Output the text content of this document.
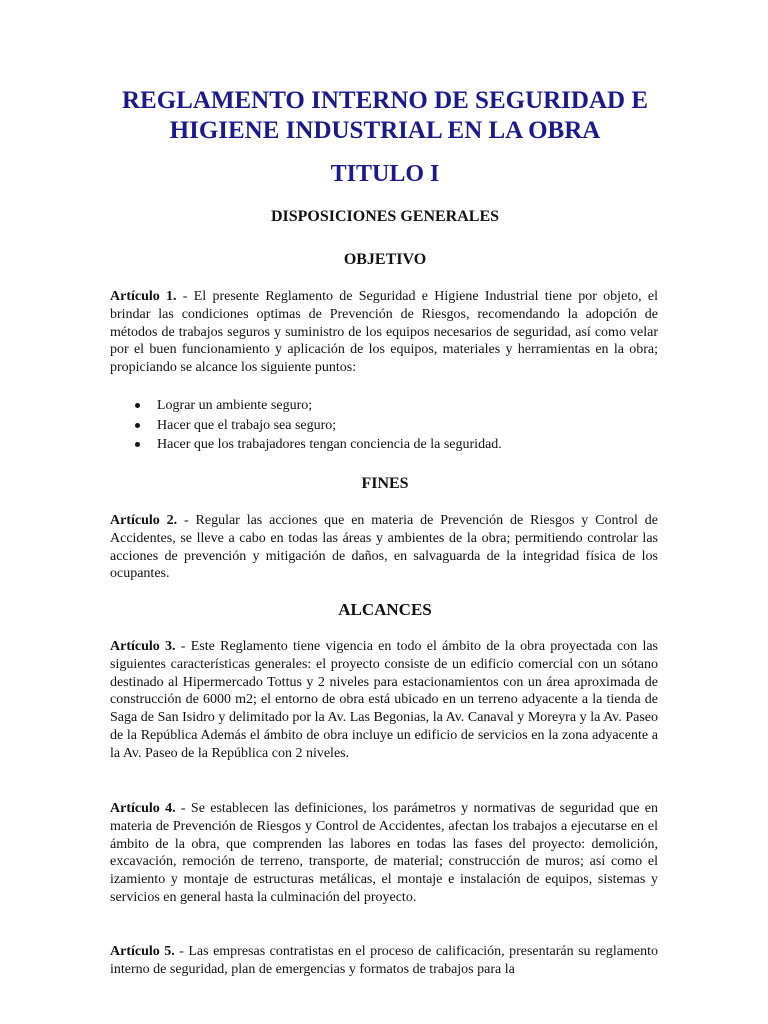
REGLAMENTO INTERNO DE SEGURIDAD E
HIGIENE INDUSTRIAL EN LA OBRA
TITULO I
DISPOSICIONES GENERALES
OBJETIVO

Artículo 1. - El presente Reglamento de Seguridad e Higiene Industrial tiene por objeto, el brindar las condiciones optimas de Prevención de Riesgos, recomendando la adopción de métodos de trabajos seguros y suministro de los equipos necesarios de seguridad, así como velar por el buen funcionamiento y aplicación de los equipos, materiales y herramientas en la obra; propiciando se alcance los siguiente puntos:

Lograr un ambiente seguro;
Hacer que el trabajo sea seguro;
Hacer que los trabajadores tengan conciencia de la seguridad.
FINES

Artículo 2. - Regular las acciones que en materia de Prevención de Riesgos y Control de Accidentes, se lleve a cabo en todas las áreas y ambientes de la obra; permitiendo controlar las acciones de prevención y mitigación de daños, en salvaguarda de la integridad física de los ocupantes.

ALCANCES

Artículo 3. - Este Reglamento tiene vigencia en todo el ámbito de la obra proyectada con las siguientes características generales: el proyecto consiste de un edificio comercial con un sótano destinado al Hipermercado Tottus y 2 niveles para estacionamientos con un área aproximada de construcción de 6000 m2; el entorno de obra está ubicado en un terreno adyacente a la tienda de Saga de San Isidro y delimitado por la Av. Las Begonias, la Av. Canaval y Moreyra y la Av. Paseo de la República Además el ámbito de obra incluye un edificio de servicios en la zona adyacente a la Av. Paseo de la República con 2 niveles.

Artículo 4. - Se establecen las definiciones, los parámetros y normativas de seguridad que en materia de Prevención de Riesgos y Control de Accidentes, afectan los trabajos a ejecutarse en el ámbito de la obra, que comprenden las labores en todas las fases del proyecto: demolición, excavación, remoción de terreno, transporte, de material; construcción de muros; así como el izamiento y montaje de estructuras metálicas, el montaje e instalación de equipos, sistemas y servicios en general hasta la culminación del proyecto.

Artículo 5. - Las empresas contratistas en el proceso de calificación, presentarán su reglamento interno de seguridad, plan de emergencias y formatos de trabajos para la
